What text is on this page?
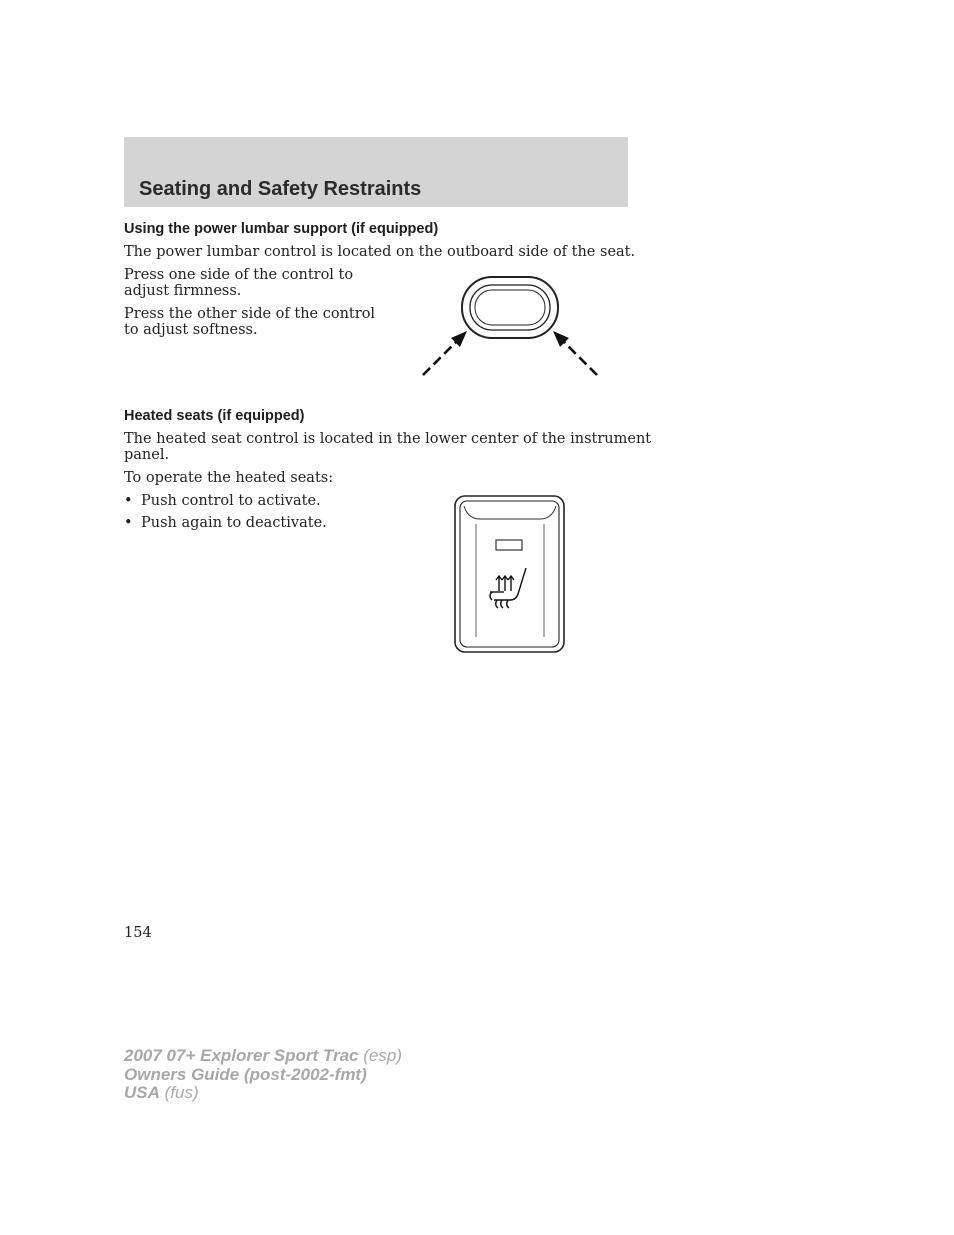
Seating and Safety Restraints
Using the power lumbar support (if equipped)

The power lumbar control is located on the outboard side of the seat.

Press one side of the control to

adjust firmness.

Press the other side of the control

to adjust softness.

Heated seats (if equipped)

The heated seat control is located in the lower center of the instrument

panel.

To operate the heated seats:

• Push control to activate.

• Push again to deactivate.

154

2007 07+ Explorer Sport Trac (esp)
Owners Guide (post-2002-fmt)
USA (fus)
